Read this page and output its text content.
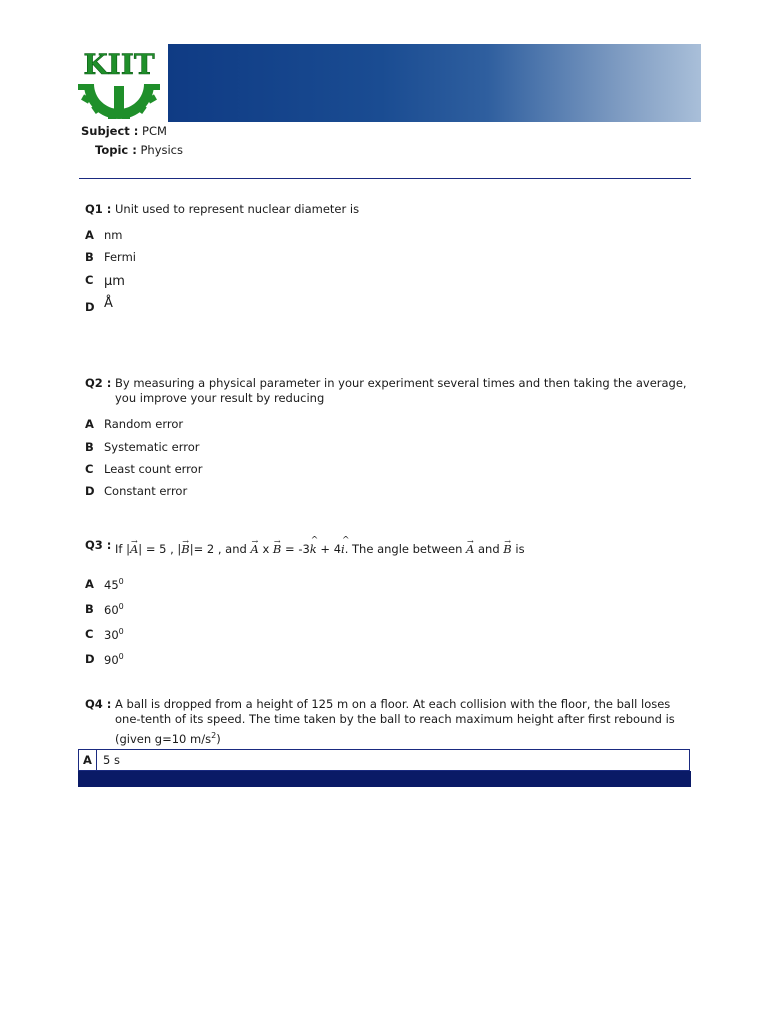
KIIT
Subject : PCM
Topic : Physics
Q1 : Unit used to represent nuclear diameter is
A nm
B Fermi
C µm
D Å
Q2 : By measuring a physical parameter in your experiment several times and then taking the average,
you improve your result by reducing
A Random error
B Systematic error
C Least count error
D Constant error
Q3 : If |→ A| = 5 , |→ B|= 2 , and → A x → B = -3^ k + 4^ i. The angle between → A and → B is
A $45^0$
B $60^0$
C $30^0$
D $90^0$
Q4 : A ball is dropped from a height of 125 m on a floor. At each collision with the floor, the ball loses
one-tenth of its speed. The time taken by the ball to reach maximum height after first rebound is
(given g=10 $m/s^2$)
A 5 s
